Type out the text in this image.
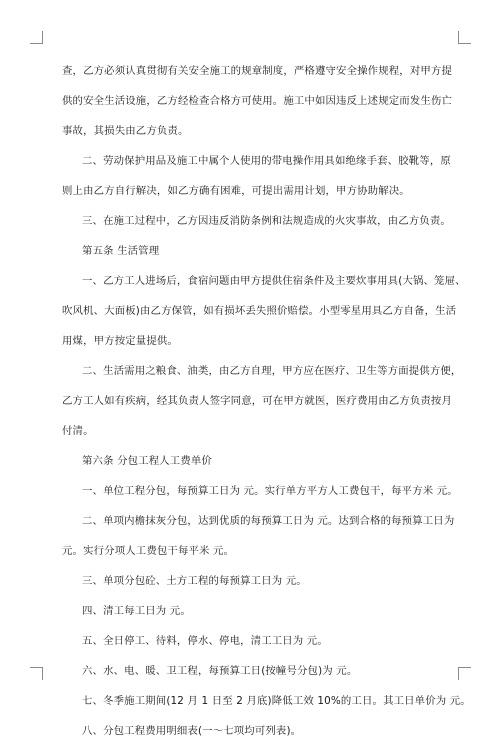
查，乙方必须认真贯彻有关安全施工的规章制度，严格遵守安全操作规程，对甲方提
供的安全生活设施，乙方经检查合格方可使用。施工中如因违反上述规定而发生伤亡
事故，其损失由乙方负责。
二、劳动保护用品及施工中属个人使用的带电操作用具如绝缘手套、胶靴等，原
则上由乙方自行解决，如乙方确有困难，可提出需用计划，甲方协助解决。
三、在施工过程中，乙方因违反消防条例和法规造成的火灾事故，由乙方负责。
第五条 生活管理
一、乙方工人进场后，食宿问题由甲方提供住宿条件及主要炊事用具(大锅、笼屉、
吹风机、大面板)由乙方保管，如有损坏丢失照价赔偿。小型零星用具乙方自备，生活
用煤，甲方按定量提供。
二、生活需用之粮食、油类，由乙方自理，甲方应在医疗、卫生等方面提供方便，
乙方工人如有疾病，经其负责人签字同意，可在甲方就医，医疗费用由乙方负责按月
付清。
第六条 分包工程人工费单价
一、单位工程分包，每预算工日为 元。实行单方平方人工费包干，每平方米 元。
二、单项内檐抹灰分包，达到优质的每预算工日为 元。达到合格的每预算工日为
元。实行分项人工费包干每平米 元。
三、单项分包砼、土方工程的每预算工日为 元。
四、清工每工日为 元。
五、全日停工、待料，停水、停电，清工工日为 元。
六、水、电、暖、卫工程，每预算工日(按幢号分包)为 元。
七、冬季施工期间(12 月 1 日至 2 月底)降低工效 10%的工日。其工日单价为 元。
八、分包工程费用明细表(一～七项均可列表)。
